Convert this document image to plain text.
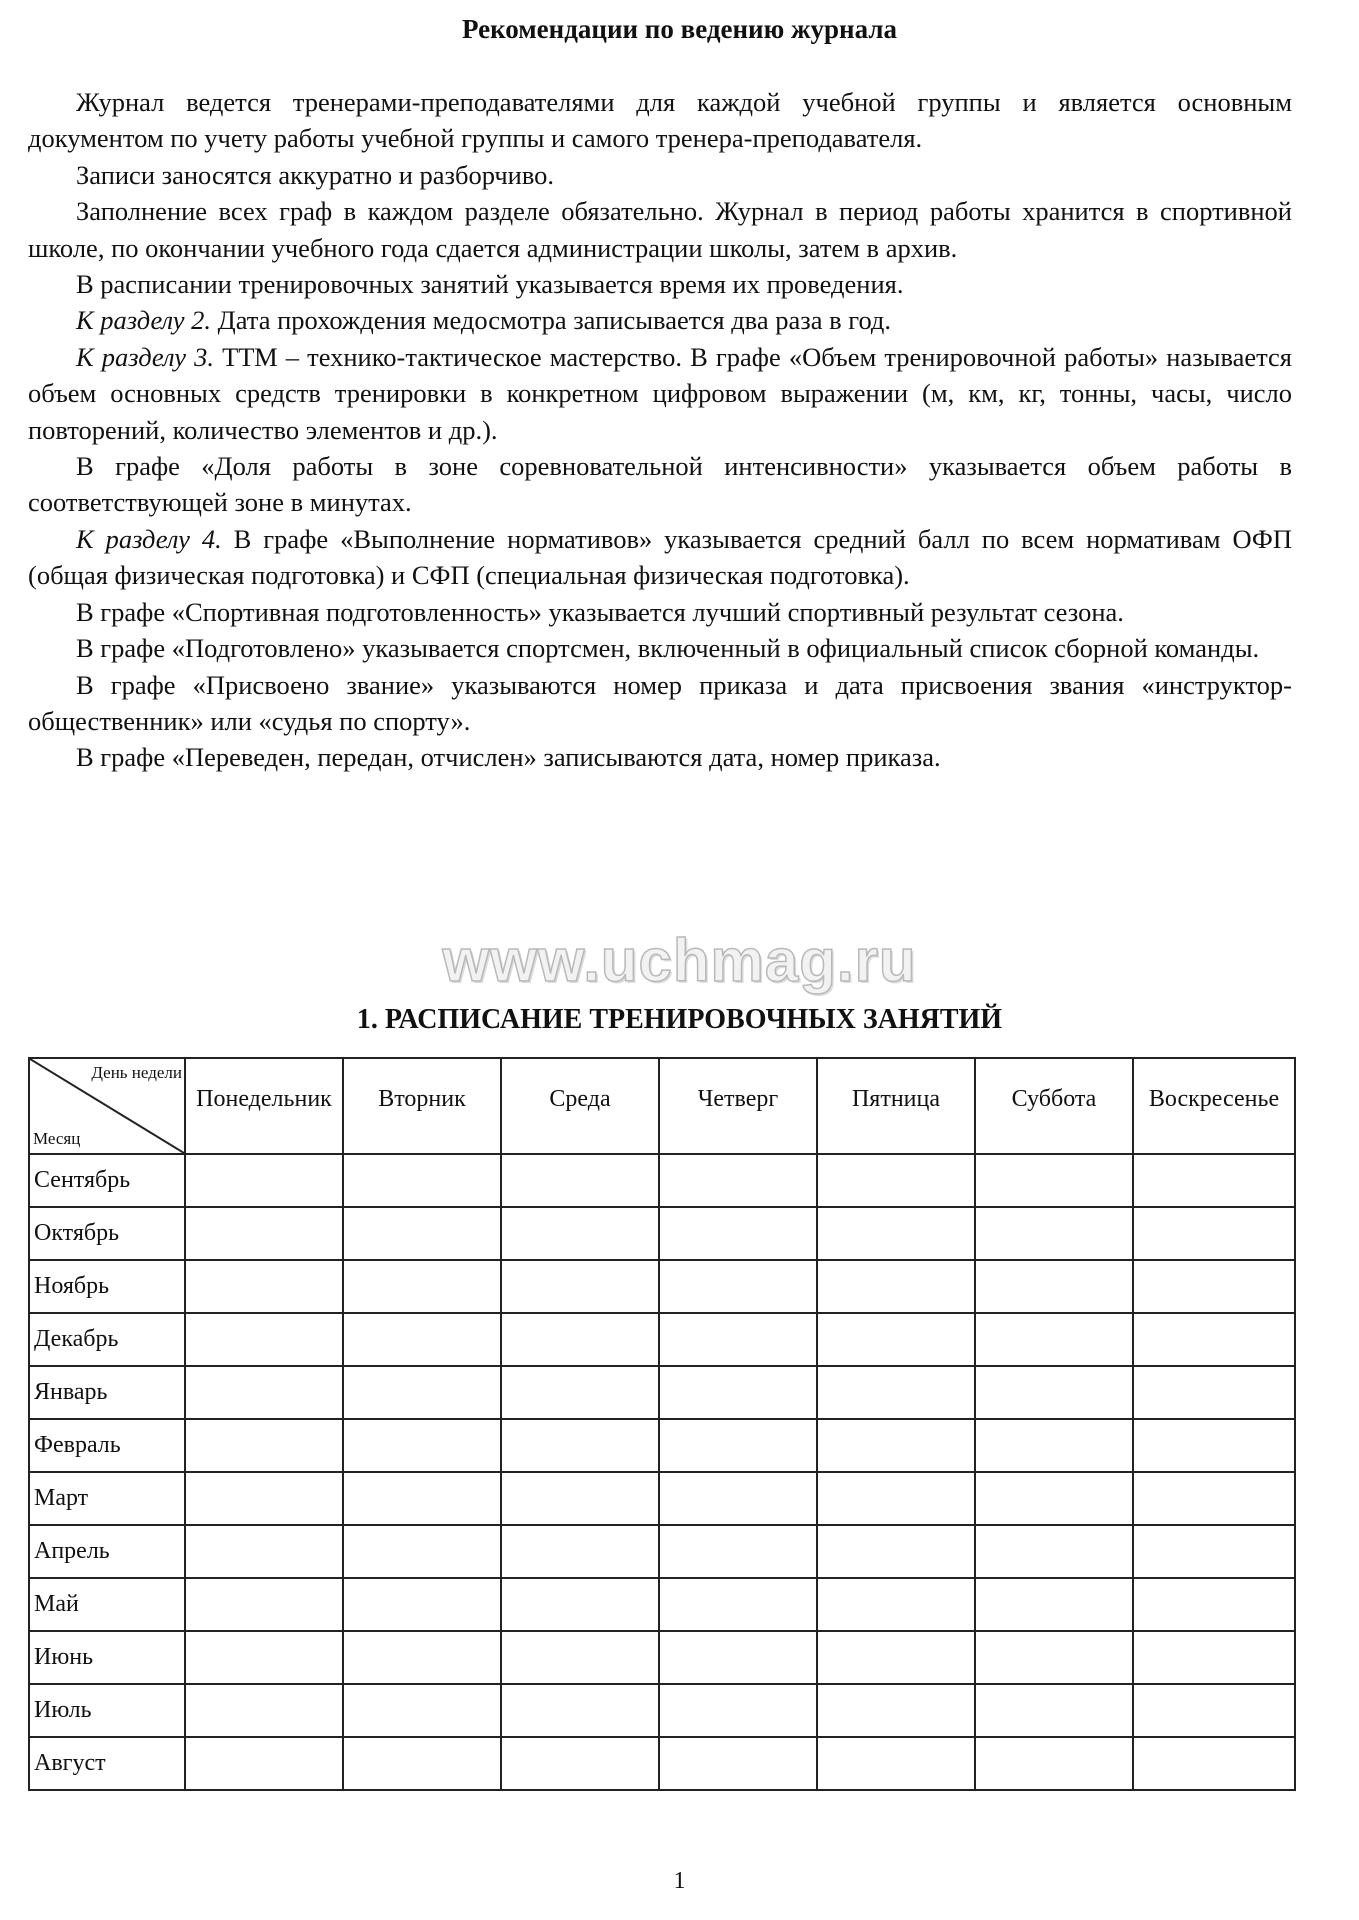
Рекомендации по ведению журнала

Журнал ведется тренерами-преподавателями для каждой учебной группы и является основным документом по учету работы учебной группы и самого тренера-преподавателя.

Записи заносятся аккуратно и разборчиво.

Заполнение всех граф в каждом разделе обязательно. Журнал в период работы хранится в спортивной школе, по окончании учебного года сдается администрации школы, затем в архив.

В расписании тренировочных занятий указывается время их проведения.

К разделу 2. Дата прохождения медосмотра записывается два раза в год.

К разделу 3. ТТМ – технико-тактическое мастерство. В графе «Объем тренировочной работы» называется объем основных средств тренировки в конкретном цифровом выражении (м, км, кг, тонны, часы, число повторений, количество элементов и др.).

В графе «Доля работы в зоне соревновательной интенсивности» указывается объем работы в соответствующей зоне в минутах.

К разделу 4. В графе «Выполнение нормативов» указывается средний балл по всем нормативам ОФП (общая физическая подготовка) и СФП (специальная физическая подготовка).

В графе «Спортивная подготовленность» указывается лучший спортивный результат сезона.

В графе «Подготовлено» указывается спортсмен, включенный в официальный список сборной команды.

В графе «Присвоено звание» указываются номер приказа и дата присвоения звания «инструктор-общественник» или «судья по спорту».

В графе «Переведен, передан, отчислен» записываются дата, номер приказа.

www.uchmag.ru
1. РАСПИСАНИЕ ТРЕНИРОВОЧНЫХ ЗАНЯТИЙ
День недели
Месяц	Понедельник	Вторник	Среда	Четверг	Пятница	Суббота	Воскресенье
Сентябрь							
Октябрь							
Ноябрь							
Декабрь							
Январь							
Февраль							
Март							
Апрель							
Май							
Июнь							
Июль							
Август							
1
